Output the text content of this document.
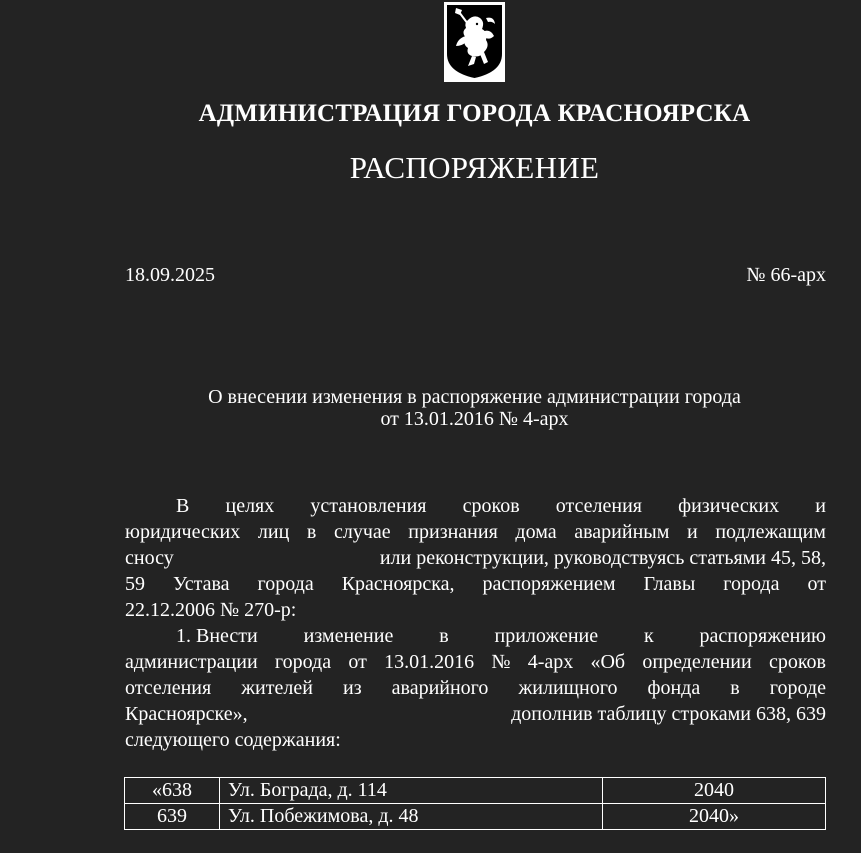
АДМИНИСТРАЦИЯ ГОРОДА КРАСНОЯРСКА
РАСПОРЯЖЕНИЕ
18.09.2025	№ 66-арх
О внесении изменения в распоряжение администрации города
от 13.01.2016 № 4-арх
В целях установления сроков отселения физических и
юридических лиц в случае признания дома аварийным и подлежащим
сносу	или реконструкции, руководствуясь статьями 45, 58,
59 Устава города Красноярска, распоряжением Главы города от
22.12.2006 № 270-р:
1. Внести изменение в приложение к распоряжению
администрации города от 13.01.2016 № 4-арх «Об определении сроков
отселения жителей из аварийного жилищного фонда в городе
Красноярске»,	дополнив таблицу строками 638, 639
следующего содержания:
«638	Ул. Бограда, д. 114	2040
639	Ул. Побежимова, д. 48	2040»
